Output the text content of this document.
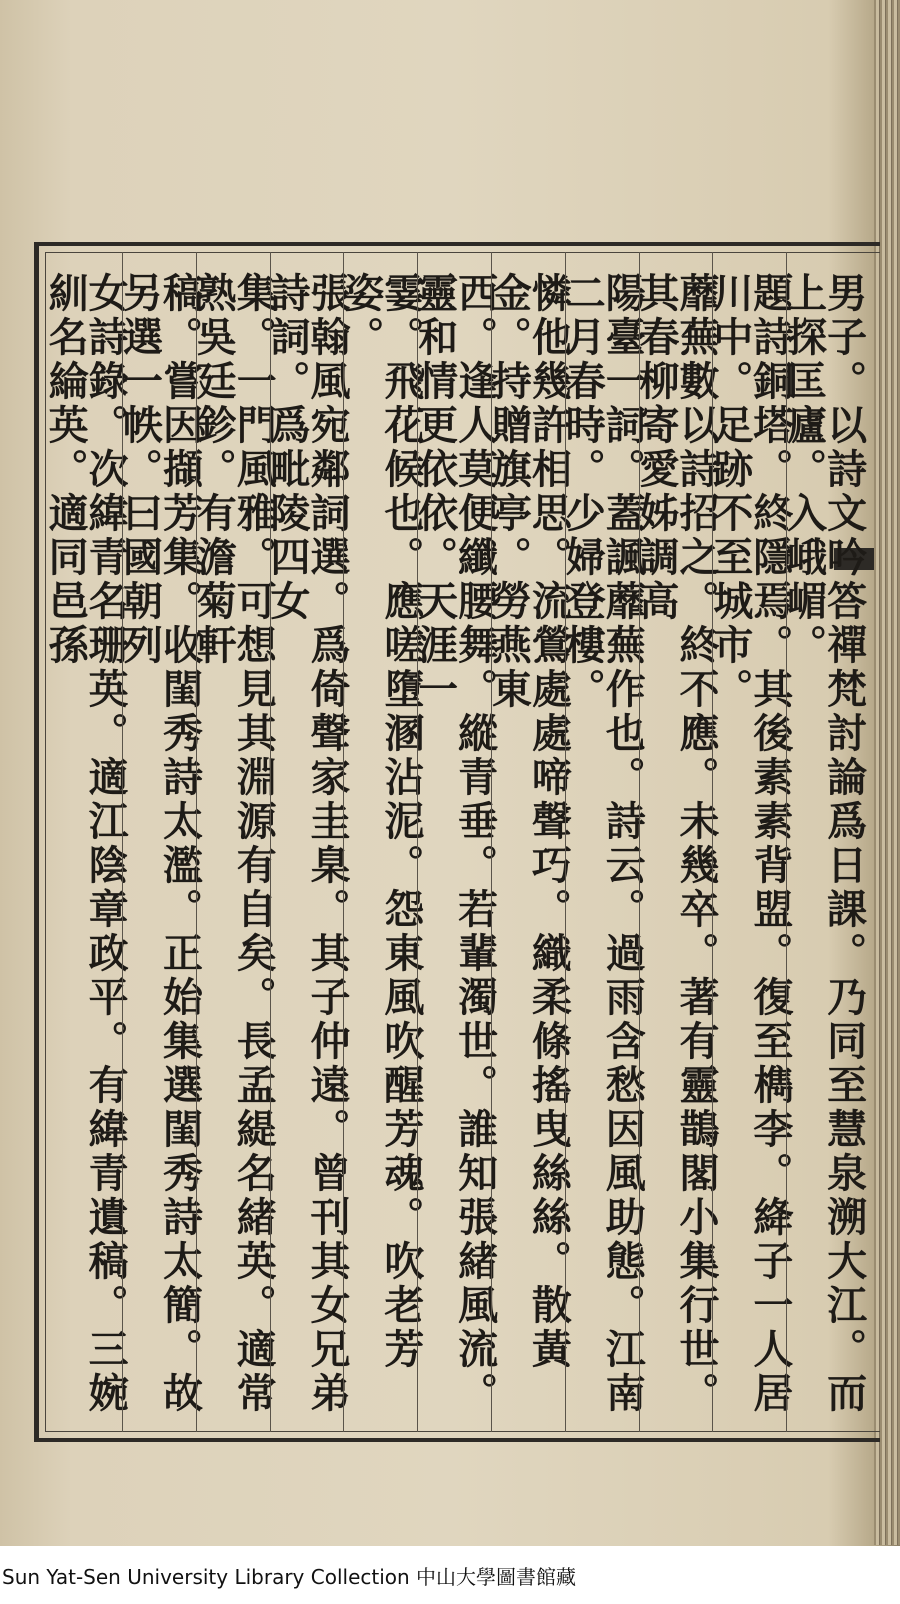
男子。以詩文吟答禪梵討論爲日課。乃同至慧泉溯大江。而上探匡廬。入峨嵋。
題詩銅塔。終隱焉。其後素素背盟。復至檇李。絳子一人居川中。足跡不至城市。
蘼蕪數以詩招之。終不應。未幾卒。著有靈鵲閣小集行世。其春柳寄愛姊調高
陽臺一詞。蓋諷蘼蕪作也。詩云。過雨含愁因風助態。江南二月春時。少婦登樓。
憐他幾許相思。流鶯處處啼聲巧。織柔條搖曳絲絲。散黃金。持贈旗亭。勞燕東
西。逢人莫便纖腰舞。縱青垂。若輩濁世。誰知張緒風流。靈和情更依依。天涯一
霎。飛花候也。應嗟墮溷沾泥。怨東風吹醒芳魂。吹老芳姿。
張翰風宛鄰詞選。爲倚聲家圭臬。其子仲遠。曾刊其女兄弟詩詞。爲毗陵四女
集。一門風雅。可想見其淵源有自矣。長孟緹名緒英。適常熟吳廷鉁。有澹菊軒
稿。嘗因擷芳集。收閨秀詩太濫。正始集選閨秀詩太簡。故另選一帙。曰國朝列
女詩錄。次緯青名珊英。適江陰章政平。有緯青遺稿。三婉紃名綸英。適同邑孫
Sun Yat-Sen University Library Collection 中山大學圖書館藏
